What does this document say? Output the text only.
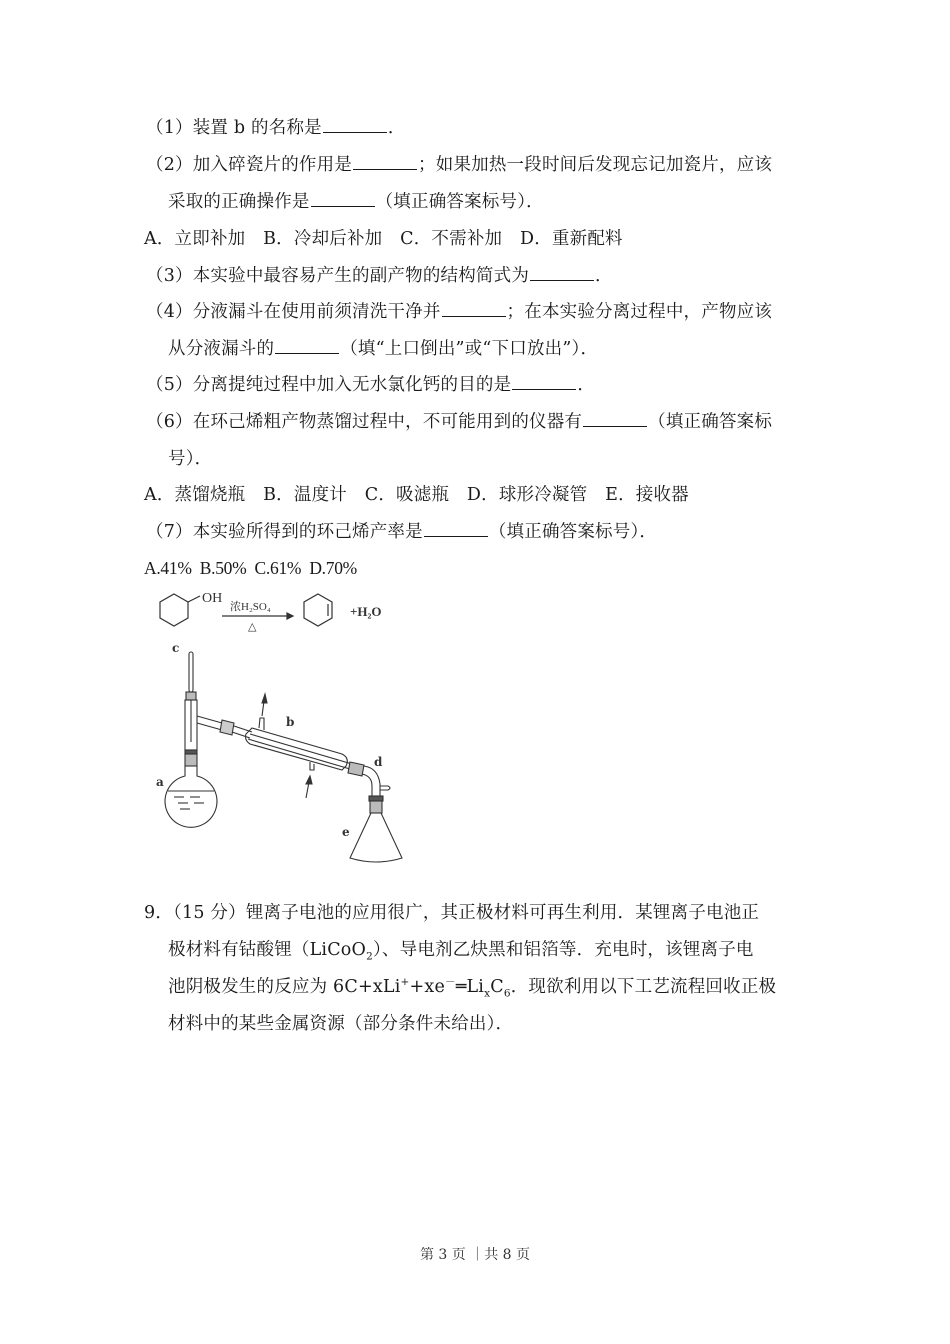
（1）装置 b 的名称是	．
（2）加入碎瓷片的作用是	；如果加热一段时间后发现忘记加瓷片，应该
采取的正确操作是	（填正确答案标号）．
A．立即补加 B．冷却后补加 C．不需补加 D．重新配料
（3）本实验中最容易产生的副产物的结构简式为	．
（4）分液漏斗在使用前须清洗干净并	；在本实验分离过程中，产物应该
从分液漏斗的	（填“上口倒出”或“下口放出”）．
（5）分离提纯过程中加入无水氯化钙的目的是	．
（6）在环己烯粗产物蒸馏过程中，不可能用到的仪器有	（填正确答案标
号）．
A．蒸馏烧瓶 B．温度计 C．吸滤瓶 D．球形冷凝管 E．接收器
（7）本实验所得到的环己烯产率是	（填正确答案标号）．
A.41% B.50% C.61% D.70%
OH
浓H₂SO₄
△
+H₂O
a
b
c
d
e
9．（15 分）锂离子电池的应用很广，其正极材料可再生利用．某锂离子电池正
极材料有钴酸锂（LiCoO$_2$）、导电剂乙炔黑和铝箔等．充电时，该锂离子电
池阴极发生的反应为 $6C+xLi^++xe^-═Li_xC_6$．现欲利用以下工艺流程回收正极
材料中的某些金属资源（部分条件未给出）．
第 3 页 ｜共 8 页
